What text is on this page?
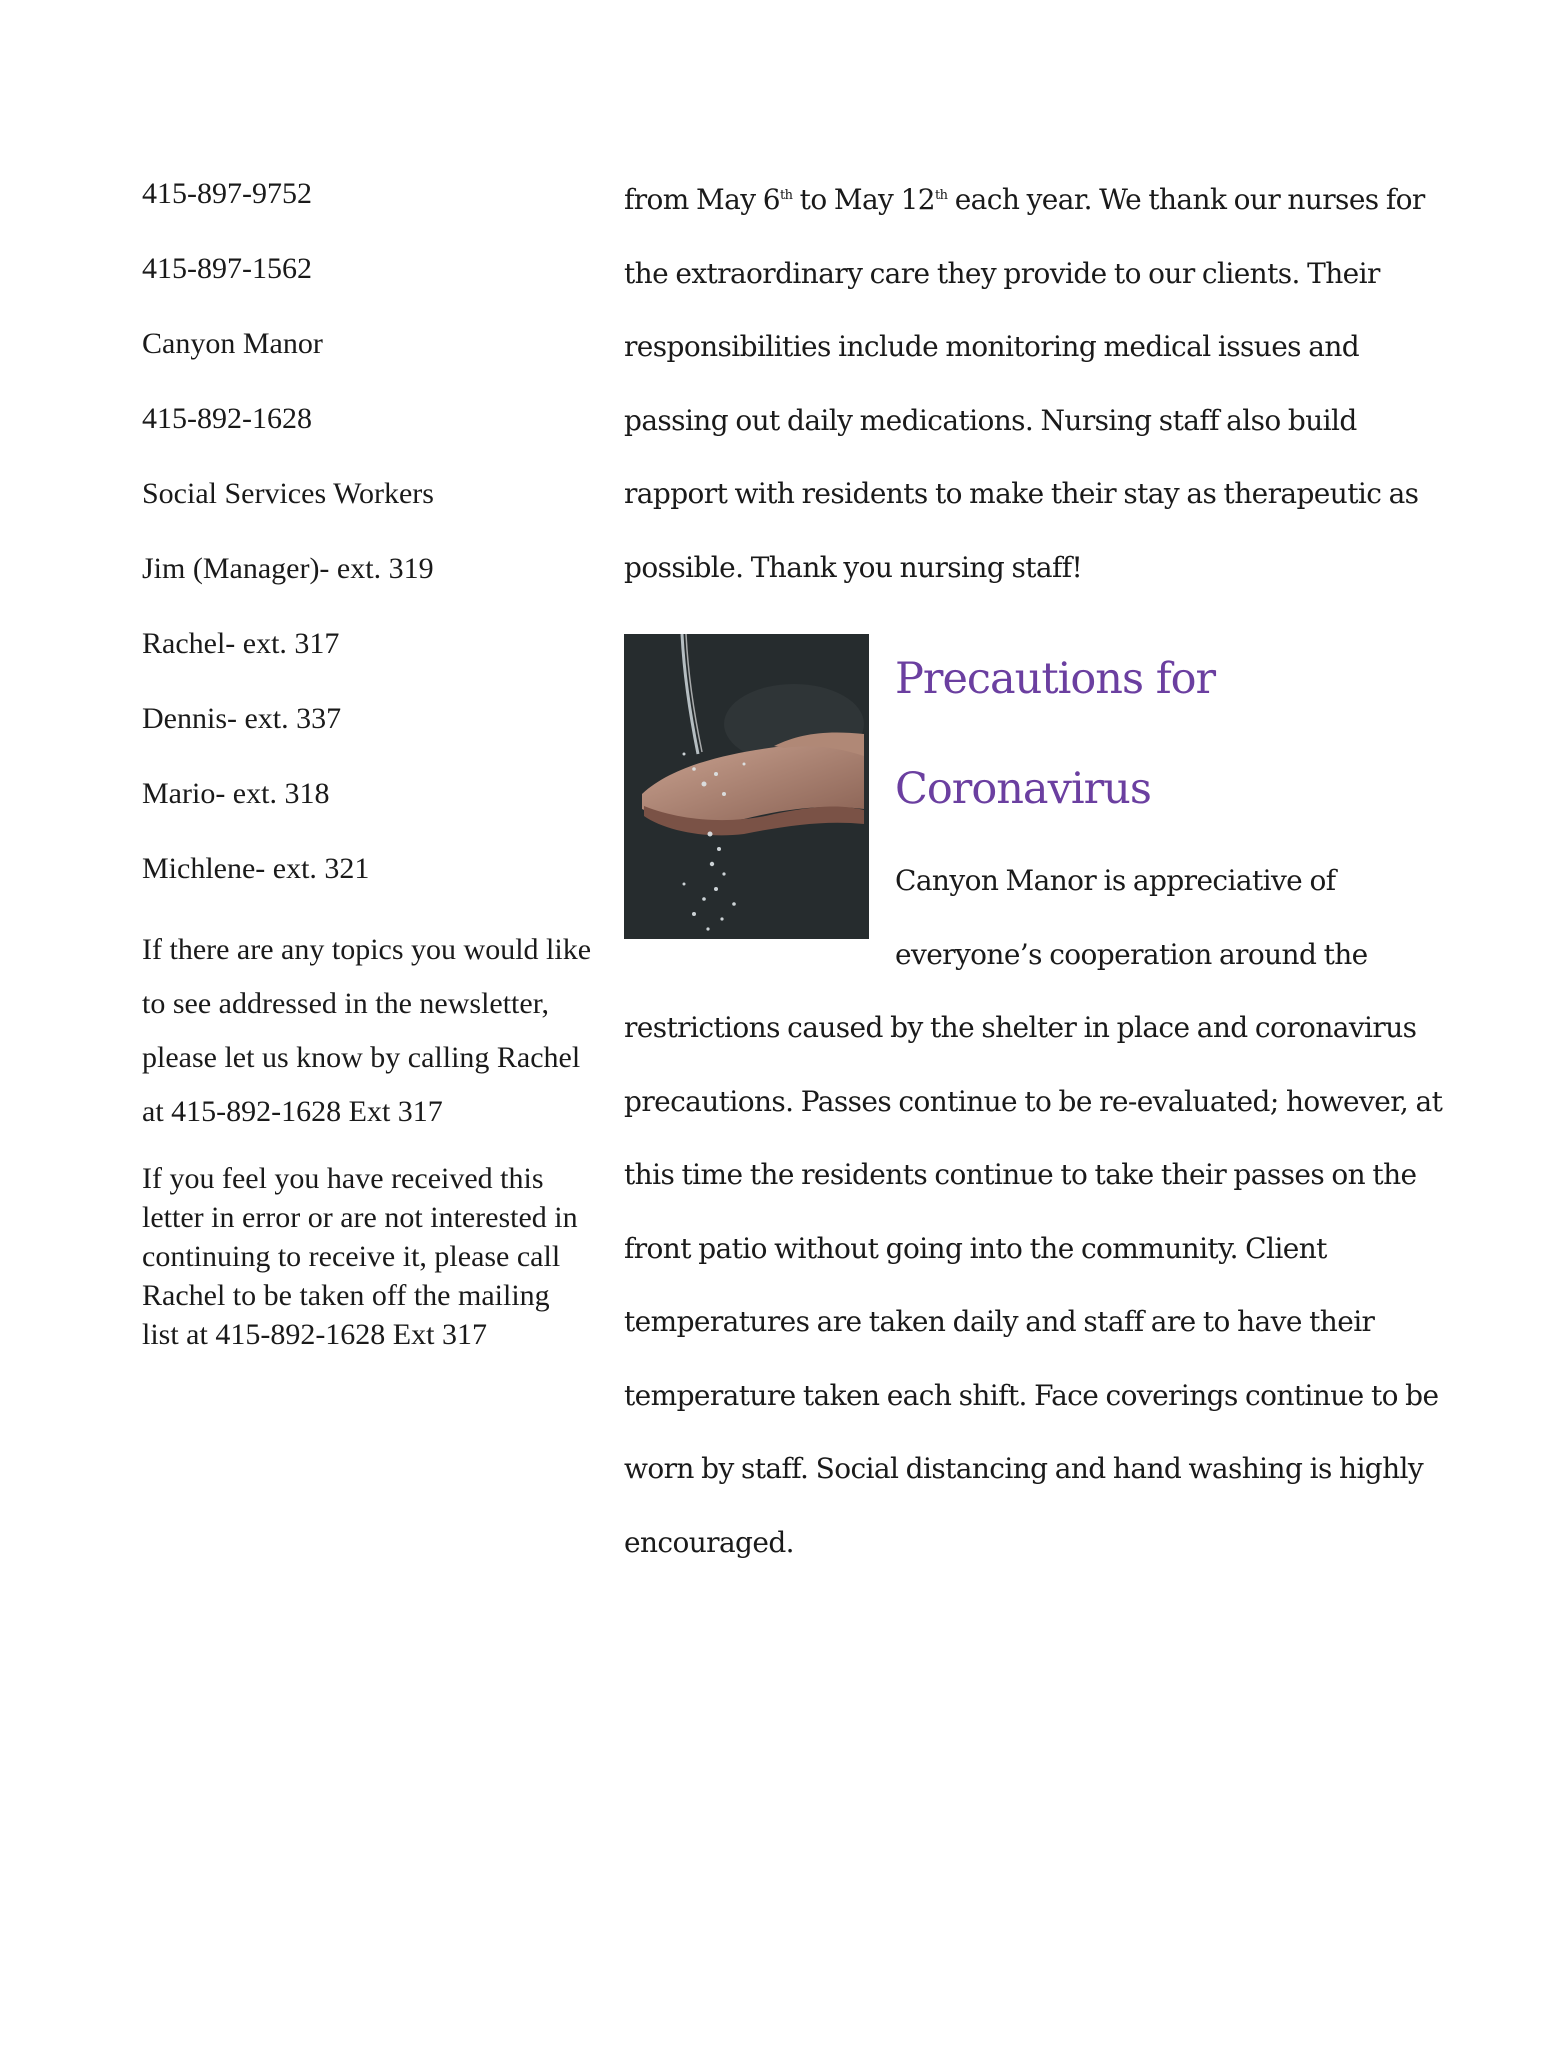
415-897-9752
415-897-1562
Canyon Manor
415-892-1628
Social Services Workers
Jim (Manager)- ext. 319
Rachel- ext. 317
Dennis- ext. 337
Mario- ext. 318
Michlene- ext. 321
If there are any topics you would like to see addressed in the newsletter, please let us know by calling Rachel at 415-892-1628 Ext 317
If you feel you have received this letter in error or are not interested in continuing to receive it, please call Rachel to be taken off the mailing list at 415-892-1628 Ext 317

from May 6th to May 12th each year. We thank our nurses for the extraordinary care they provide to our clients. Their responsibilities include monitoring medical issues and passing out daily medications. Nursing staff also build rapport with residents to make their stay as therapeutic as possible. Thank you nursing staff!

Precautions for
Coronavirus

Canyon Manor is appreciative of everyone’s cooperation around the restrictions caused by the shelter in place and coronavirus precautions. Passes continue to be re-evaluated; however, at this time the residents continue to take their passes on the front patio without going into the community. Client temperatures are taken daily and staff are to have their temperature taken each shift. Face coverings continue to be worn by staff. Social distancing and hand washing is highly encouraged.
